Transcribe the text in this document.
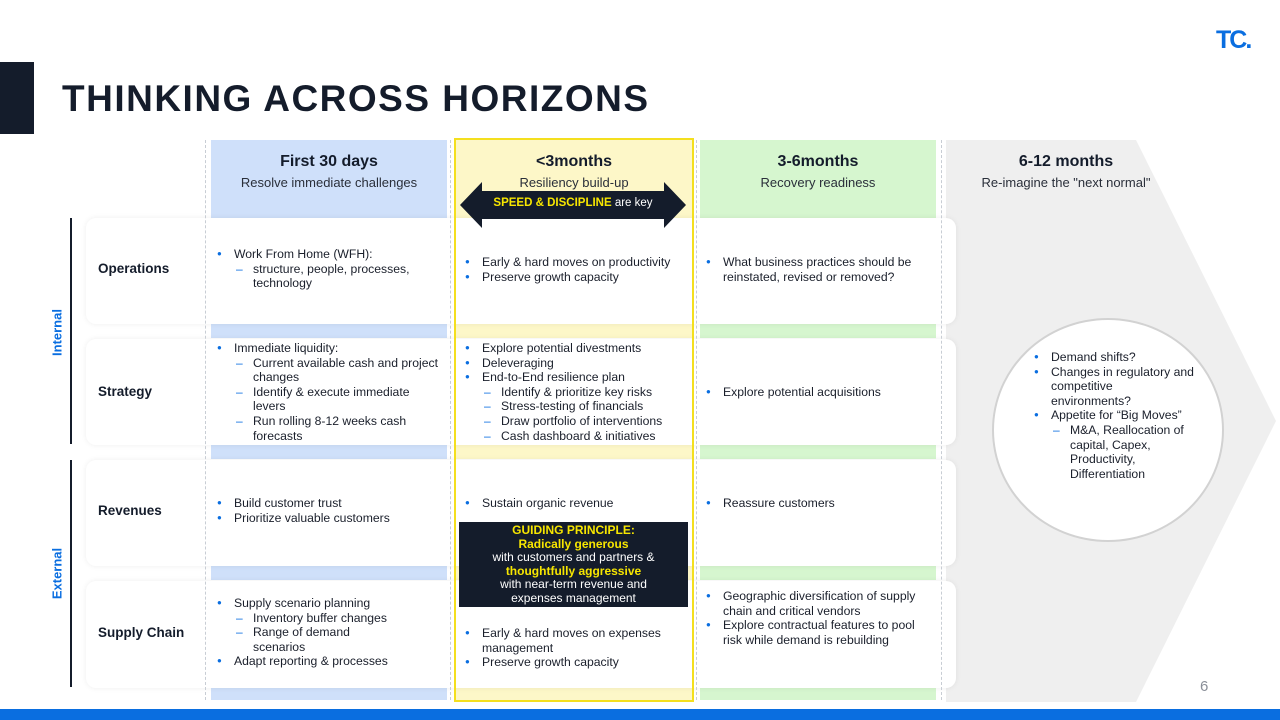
THINKING ACROSS HORIZONS
TC.
First 30 days
Resolve immediate challenges
<3months
Resiliency build-up
3-6months
Recovery readiness
6-12 months
Re-imagine the "next normal"
SPEED & DISCIPLINE are key
Internal
External
Operations
Strategy
Revenues
Supply Chain
● Work From Home (WFH):
– structure, people, processes, technology
● Early & hard moves on productivity
● Preserve growth capacity
● What business practices should be reinstated, revised or removed?
● Immediate liquidity:
– Current available cash and project changes
– Identify & execute immediate levers
– Run rolling 8-12 weeks cash forecasts
● Explore potential divestments
● Deleveraging
● End-to-End resilience plan
– Identify & prioritize key risks
– Stress-testing of financials
– Draw portfolio of interventions
– Cash dashboard & initiatives
● Explore potential acquisitions
● Build customer trust
● Prioritize valuable customers
● Sustain organic revenue
●	Reassure customers
GUIDING PRINCIPLE:
Radically generous
with customers and partners &
thoughtfully aggressive
with near-term revenue and expenses management
● Supply scenario planning
– Inventory buffer changes
– Range of demand scenarios
● Adapt reporting & processes
● Early & hard moves on expenses management
● Preserve growth capacity
● Geographic diversification of supply chain and critical vendors
● Explore contractual features to pool risk while demand is rebuilding
● Demand shifts?
● Changes in regulatory and competitive environments?
● Appetite for “Big Moves”
– M&A, Reallocation of capital, Capex, Productivity, Differentiation
6
